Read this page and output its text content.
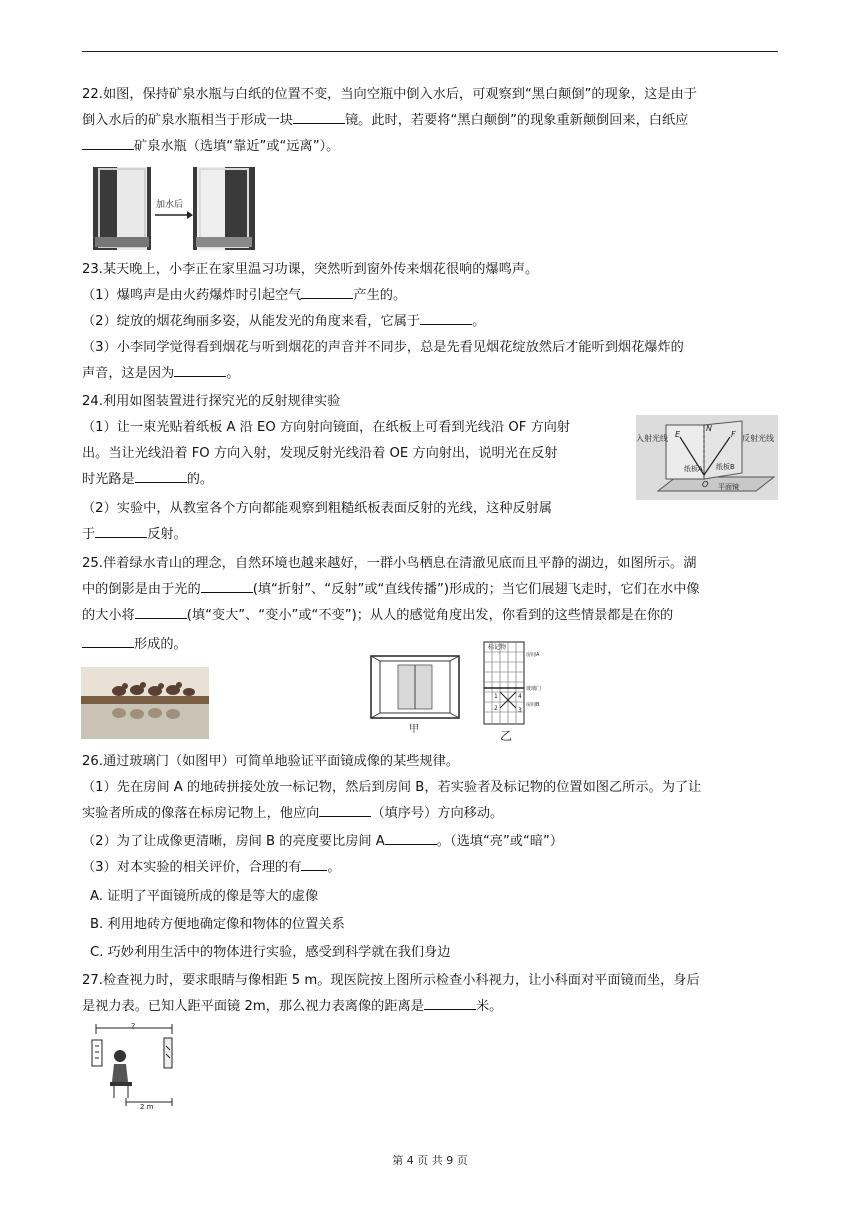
22.如图，保持矿泉水瓶与白纸的位置不变，当向空瓶中倒入水后，可观察到“黑白颠倒”的现象，这是由于
倒入水后的矿泉水瓶相当于形成一块	镜。此时，若要将“黑白颠倒”的现象重新颠倒回来，白纸应
矿泉水瓶（选填“靠近”或“远离”）。
加水后
23.某天晚上，小李正在家里温习功课，突然听到窗外传来烟花很响的爆鸣声。
（1）爆鸣声是由火药爆炸时引起空气	产生的。
（2）绽放的烟花绚丽多姿，从能发光的角度来看，它属于	。
（3）小李同学觉得看到烟花与听到烟花的声音并不同步，总是先看见烟花绽放然后才能听到烟花爆炸的
声音，这是因为	。
24.利用如图装置进行探究光的反射规律实验
（1）让一束光贴着纸板 A 沿 EO 方向射向镜面，在纸板上可看到光线沿 OF 方向射
出。当让光线沿着 FO 方向入射，发现反射光线沿着 OE 方向射出，说明光在反射
时光路是	的。
（2）实验中，从教室各个方向都能观察到粗糙纸板表面反射的光线，这种反射属
于	反射。
入射光线	反射光线
纸板A 纸板B
平面镜
N
E	F
O
25.伴着绿水青山的理念，自然环境也越来越好，一群小鸟栖息在清澈见底而且平静的湖边，如图所示。湖
中的倒影是由于光的	(填“折射”、“反射”或“直线传播”)形成的；当它们展翅飞走时，它们在水中像
的大小将	(填“变大”、“变小”或“不变”)；从人的感觉角度出发，你看到的这些情景都是在你的
形成的。
甲
标记物
房间A
玻璃门
房间B
1
2	3
4
乙
26.通过玻璃门（如图甲）可简单地验证平面镜成像的某些规律。
（1）先在房间 A 的地砖拼接处放一标记物，然后到房间 B，若实验者及标记物的位置如图乙所示。为了让
实验者所成的像落在标房记物上，他应向	（填序号）方向移动。
（2）为了让成像更清晰，房间 B 的亮度要比房间 A	。（选填“亮”或“暗”）
（3）对本实验的相关评价，合理的有 。
A. 证明了平面镜所成的像是等大的虚像
B. 利用地砖方便地确定像和物体的位置关系
C. 巧妙利用生活中的物体进行实验，感受到科学就在我们身边
27.检查视力时，要求眼睛与像相距 5 m。现医院按上图所示检查小科视力，让小科面对平面镜而坐，身后
是视力表。已知人距平面镜 2m，那么视力表离像的距离是	米。
?
2 m
第 4 页 共 9 页
